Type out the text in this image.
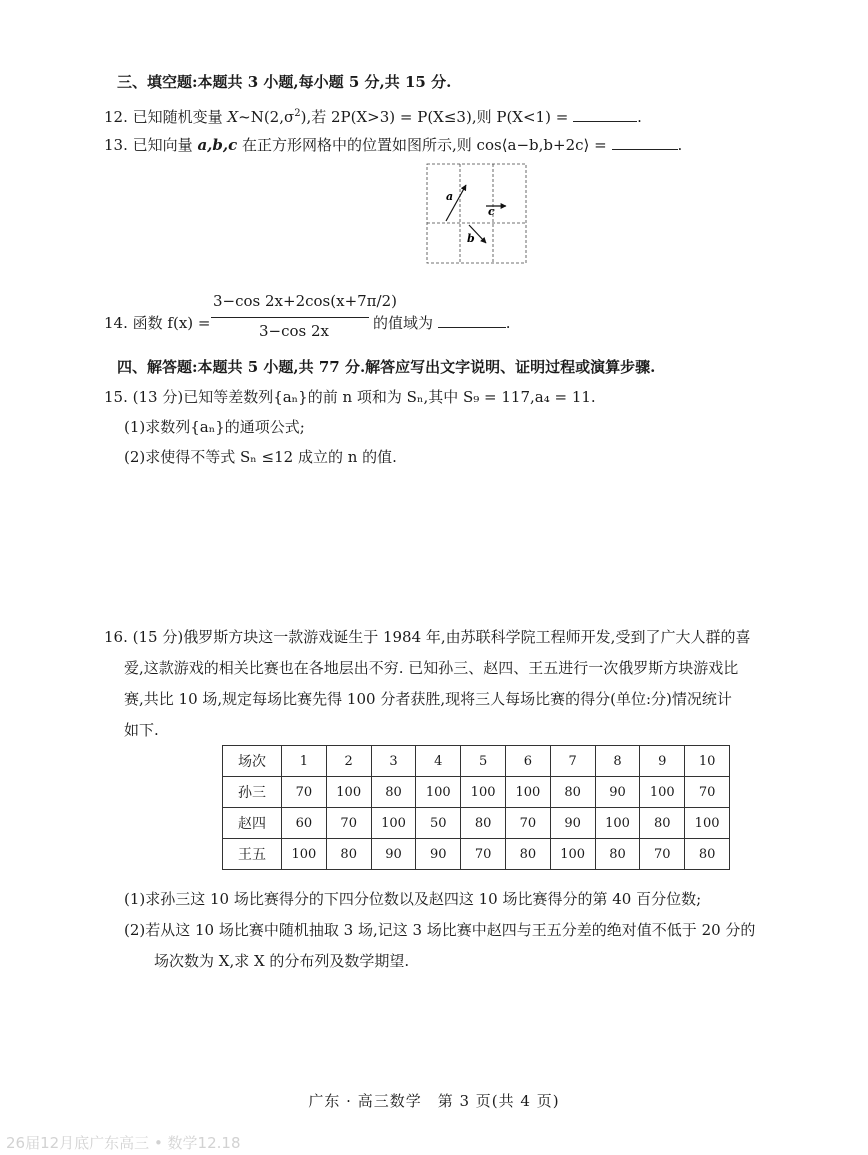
三、填空题:本题共 3 小题,每小题 5 分,共 15 分.
12. 已知随机变量 $X\sim N(2,\sigma^2)$,若 2P(X>3) = P(X≤3),则 P(X<1) =	.
13. 已知向量 a,b,c 在正方形网格中的位置如图所示,则 cos⟨a−b,b+2c⟩ =	.
a
c
b
14. 函数 f(x) =
3−cos 2x+2cos(x+7π/2)
3−cos 2x	的值域为	.
四、解答题:本题共 5 小题,共 77 分.解答应写出文字说明、证明过程或演算步骤.
15. (13 分)已知等差数列{aₙ}的前 n 项和为 Sₙ,其中 S₉ = 117,a₄ = 11.
(1)求数列{aₙ}的通项公式;
(2)求使得不等式 Sₙ ≤12 成立的 n 的值.
16. (15 分)俄罗斯方块这一款游戏诞生于 1984 年,由苏联科学院工程师开发,受到了广大人群的喜
爱,这款游戏的相关比赛也在各地层出不穷. 已知孙三、赵四、王五进行一次俄罗斯方块游戏比
赛,共比 10 场,规定每场比赛先得 100 分者获胜,现将三人每场比赛的得分(单位:分)情况统计
如下.
场次	1	2	3	4	5	6	7	8	9	10
孙三	70	100	80	100	100	100	80	90	100	70
赵四	60	70	100	50	80	70	90	100	80	100
王五	100	80	90	90	70	80	100	80	70	80
(1)求孙三这 10 场比赛得分的下四分位数以及赵四这 10 场比赛得分的第 40 百分位数;
(2)若从这 10 场比赛中随机抽取 3 场,记这 3 场比赛中赵四与王五分差的绝对值不低于 20 分的
场次数为 X,求 X 的分布列及数学期望.
广东 · 高三数学　第 3 页(共 4 页)
26届12月底广东高三 • 数学12.18
